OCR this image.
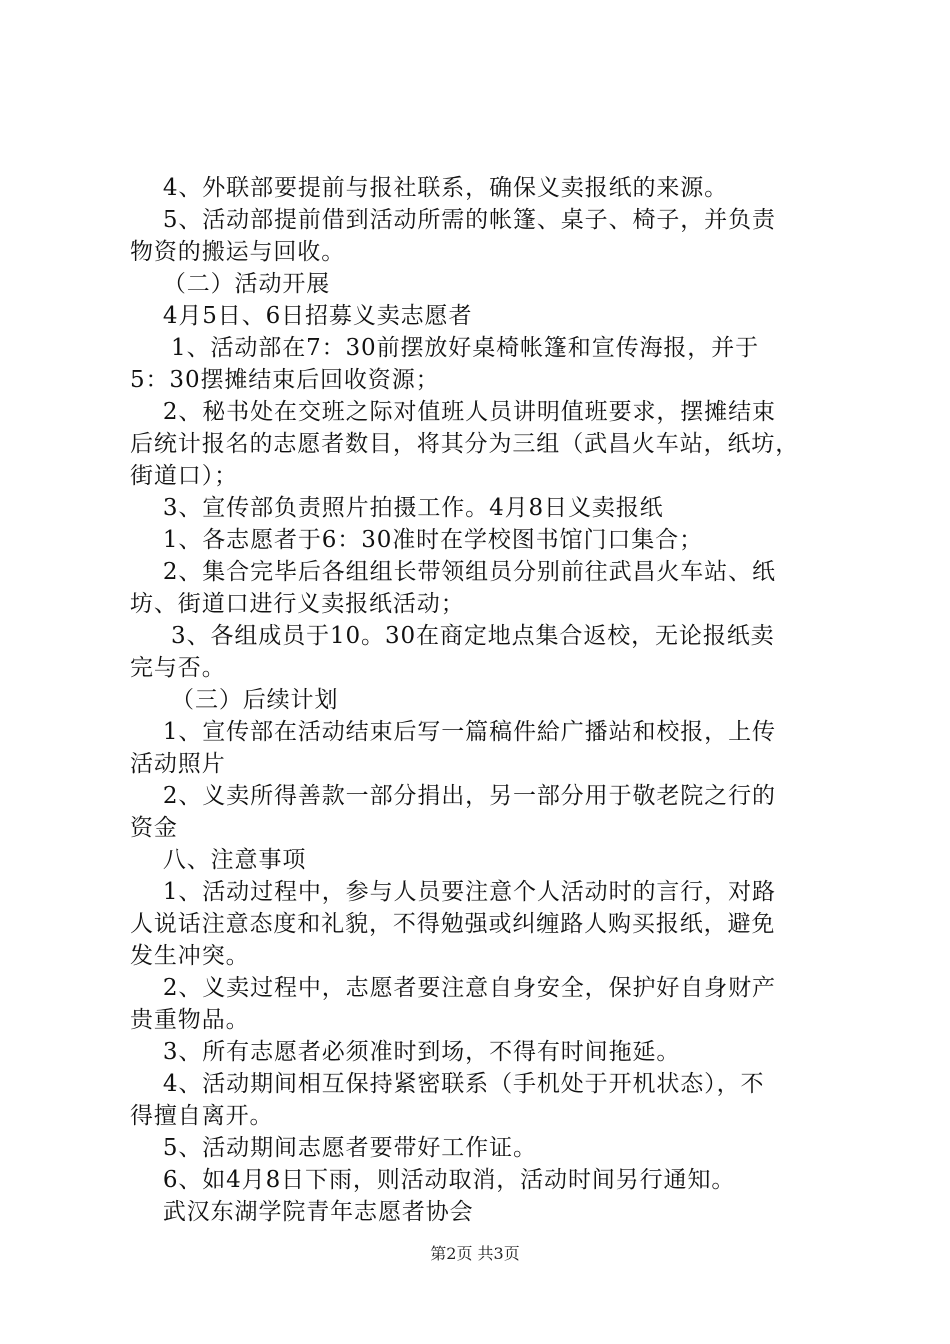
4、外联部要提前与报社联系，确保义卖报纸的来源。
5、活动部提前借到活动所需的帐篷、桌子、椅子，并负责
物资的搬运与回收。
（二）活动开展
4月5日、6日招募义卖志愿者
1、活动部在7：30前摆放好桌椅帐篷和宣传海报，并于
5：30摆摊结束后回收资源；
2、秘书处在交班之际对值班人员讲明值班要求，摆摊结束
后统计报名的志愿者数目，将其分为三组（武昌火车站，纸坊，
街道口）；
3、宣传部负责照片拍摄工作。4月8日义卖报纸
1、各志愿者于6：30准时在学校图书馆门口集合；
2、集合完毕后各组组长带领组员分别前往武昌火车站、纸
坊、街道口进行义卖报纸活动；
3、各组成员于10。30在商定地点集合返校，无论报纸卖
完与否。
（三）后续计划
1、宣传部在活动结束后写一篇稿件給广播站和校报，上传
活动照片
2、义卖所得善款一部分捐出，另一部分用于敬老院之行的
资金
八、注意事项
1、活动过程中，参与人员要注意个人活动时的言行，对路
人说话注意态度和礼貌，不得勉强或纠缠路人购买报纸，避免
发生冲突。
2、义卖过程中，志愿者要注意自身安全，保护好自身财产
贵重物品。
3、所有志愿者必须准时到场，不得有时间拖延。
4、活动期间相互保持紧密联系（手机处于开机状态），不
得擅自离开。
5、活动期间志愿者要带好工作证。
6、如4月8日下雨，则活动取消，活动时间另行通知。
武汉东湖学院青年志愿者协会
第2页 共3页
